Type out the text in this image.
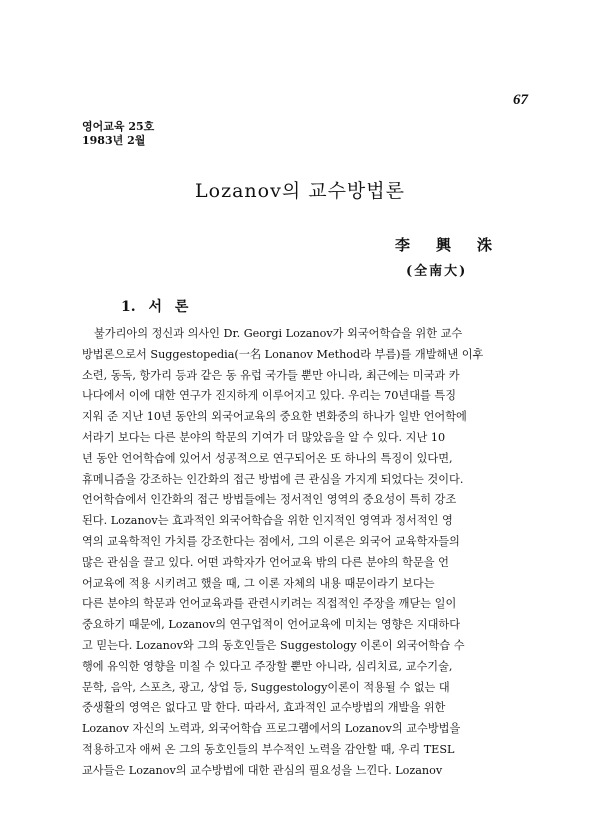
67
영어교육 25호
1983년 2월
Lozanov의 교수방법론
李興洙
(全南大)
1. 서 론
불가리아의 정신과 의사인 Dr. Georgi Lozanov가 외국어학습을 위한 교수
방법론으로서 Suggestopedia(一名 Lonanov Method라 부름)를 개발해낸 이후
소련, 동독, 항가리 등과 같은 동 유럽 국가들 뿐만 아니라, 최근에는 미국과 카
나다에서 이에 대한 연구가 진지하게 이루어지고 있다. 우리는 70년대를 특징
지워 준 지난 10년 동안의 외국어교육의 중요한 변화중의 하나가 일반 언어학에
서라기 보다는 다른 분야의 학문의 기여가 더 많았음을 알 수 있다. 지난 10
년 동안 언어학습에 있어서 성공적으로 연구되어온 또 하나의 특징이 있다면,
휴메니즘을 강조하는 인간화의 접근 방법에 큰 관심을 가지게 되었다는 것이다.
언어학습에서 인간화의 접근 방법들에는 정서적인 영역의 중요성이 특히 강조
된다. Lozanov는 효과적인 외국어학습을 위한 인지적인 영역과 정서적인 영
역의 교육학적인 가치를 강조한다는 점에서, 그의 이론은 외국어 교육학자들의
많은 관심을 끌고 있다. 어떤 과학자가 언어교육 밖의 다른 분야의 학문을 언
어교육에 적용 시키려고 했을 때, 그 이론 자체의 내용 때문이라기 보다는
다른 분야의 학문과 언어교육과를 관련시키려는 직접적인 주장을 깨닫는 일이
중요하기 때문에, Lozanov의 연구업적이 언어교육에 미치는 영향은 지대하다
고 믿는다. Lozanov와 그의 동호인들은 Suggestology 이론이 외국어학습 수
행에 유익한 영향을 미칠 수 있다고 주장할 뿐만 아니라, 심리치료, 교수기술,
문학, 음악, 스포츠, 광고, 상업 등, Suggestology이론이 적용될 수 없는 대
중생활의 영역은 없다고 말 한다. 따라서, 효과적인 교수방법의 개발을 위한
Lozanov 자신의 노력과, 외국어학습 프로그램에서의 Lozanov의 교수방법을
적용하고자 애써 온 그의 동호인들의 부수적인 노력을 감안할 때, 우리 TESL
교사들은 Lozanov의 교수방법에 대한 관심의 필요성을 느낀다. Lozanov
